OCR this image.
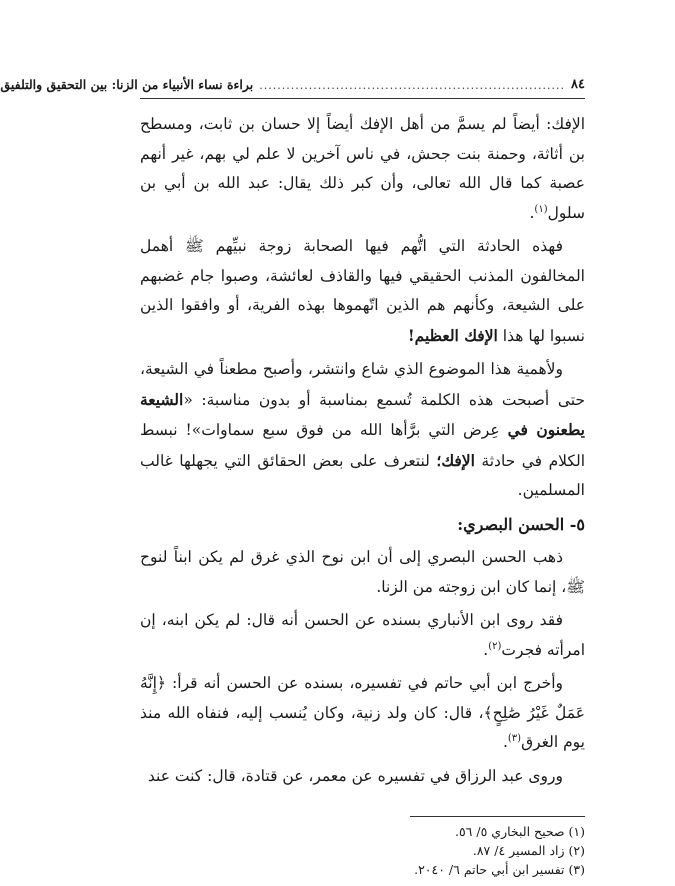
٨٤
....................................................................
براءة نساء الأنبياء من الزنا: بين التحقيق والتلفيق

الإفك: أيضاً لم يسمَّ من أهل الإفك أيضاً إلا حسان بن ثابت، ومسطح بن أثاثة، وحمنة بنت جحش، في ناس آخرين لا علم لي بهم، غير أنهم عصبة كما قال الله تعالى، وأن كبر ذلك يقال: عبد الله بن أبي بن سلول$^{(١)}$.

فهذه الحادثة التي اتُّهم فيها الصحابة زوجة نبيِّهم ﷺ أهمل المخالفون المذنب الحقيقي فيها والقاذف لعائشة، وصبوا جام غضبهم على الشيعة، وكأنهم هم الذين اتّهموها بهذه الفرية، أو وافقوا الذين نسبوا لها هذا الإفك العظيم!

ولأهمية هذا الموضوع الذي شاع وانتشر، وأصبح مطعناً في الشيعة، حتى أصبحت هذه الكلمة تُسمع بمناسبة أو بدون مناسبة: «الشيعة يطعنون في عِرض التي برَّأها الله من فوق سبع سماوات»! نبسط الكلام في حادثة الإفك؛ لنتعرف على بعض الحقائق التي يجهلها غالب المسلمين.

٥- الحسن البصري:

ذهب الحسن البصري إلى أن ابن نوح الذي غرق لم يكن ابناً لنوح ﷺ، إنما كان ابن زوجته من الزنا.

فقد روى ابن الأنباري بسنده عن الحسن أنه قال: لم يكن ابنه، إن امرأته فجرت$^{(٢)}$.

وأخرج ابن أبي حاتم في تفسيره، بسنده عن الحسن أنه قرأ: ﴿إِنَّهُ عَمَلٌ غَيْرُ صَٰلِحٍ﴾، قال: كان ولد زنية، وكان يُنسب إليه، فنفاه الله منذ يوم الغرق$^{(٣)}$.

وروى عبد الرزاق في تفسيره عن معمر، عن قتادة، قال: كنت عند

(١) صحيح البخاري ٥/ ٥٦.
(٢) زاد المسير ٤/ ٨٧.
(٣) تفسير ابن أبي حاتم ٦/ ٢٠٤٠.
